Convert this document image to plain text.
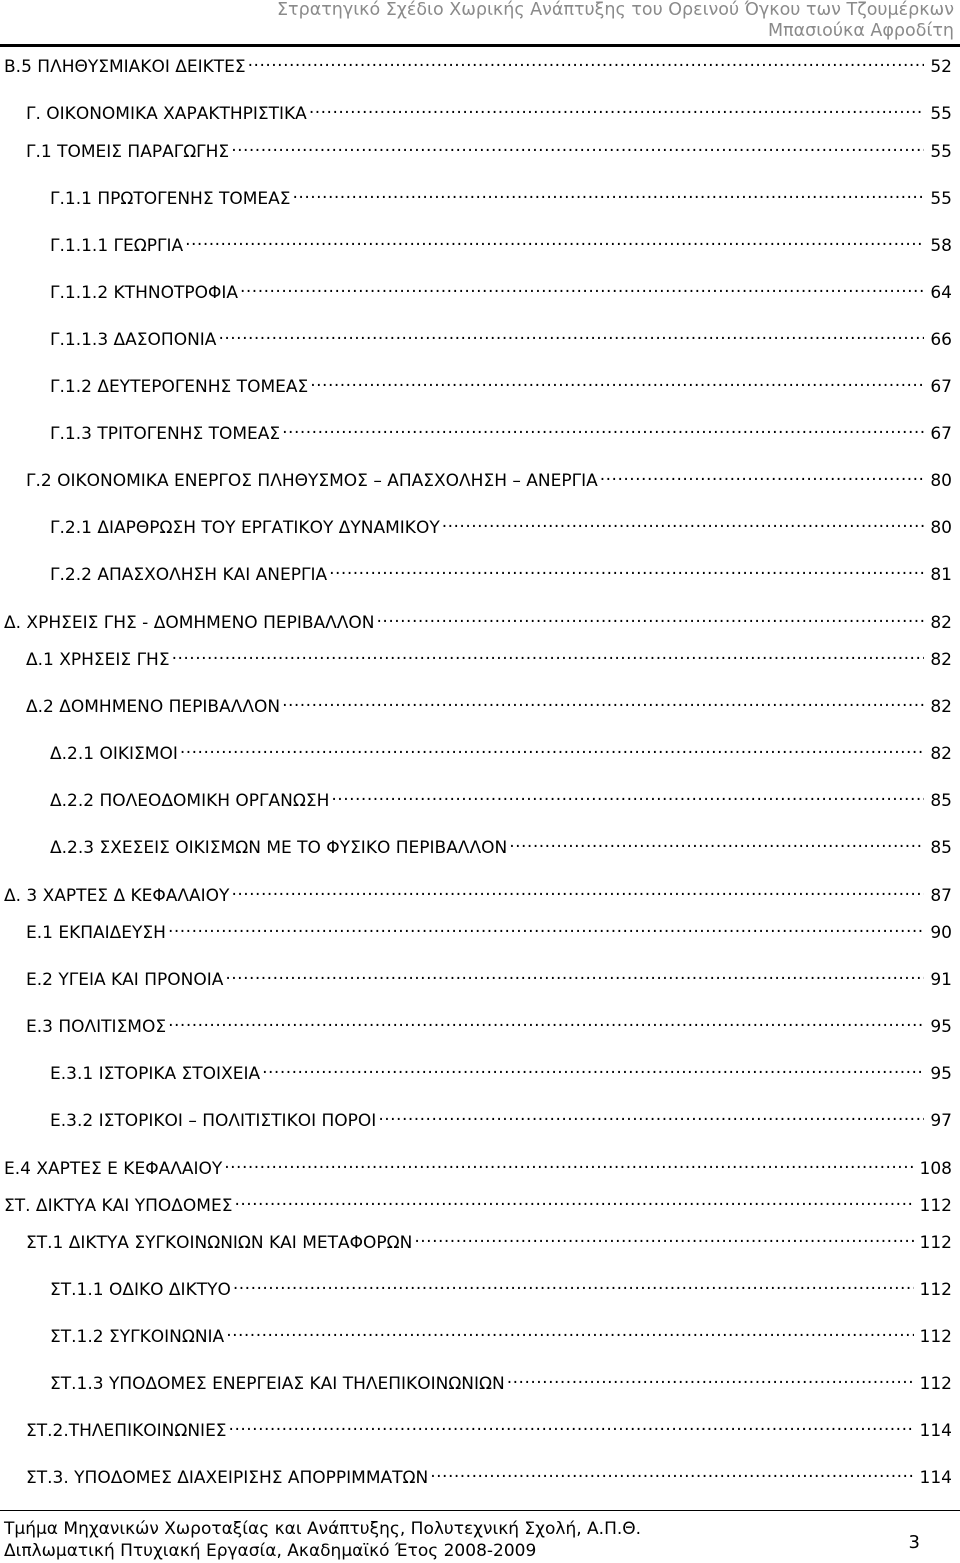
Στρατηγικό Σχέδιο Χωρικής Ανάπτυξης του Ορεινού Όγκου των Τζουμέρκων
Μπασιούκα Αφροδίτη
Β.5 ΠΛΗΘΥΣΜΙΑΚΟΙ ΔΕΙΚΤΕΣ .....	52
Γ. ΟΙΚΟΝΟΜΙΚΑ ΧΑΡΑΚΤΗΡΙΣΤΙΚΑ .....	55
Γ.1 ΤΟΜΕΙΣ ΠΑΡΑΓΩΓΗΣ .....	55
Γ.1.1 ΠΡΩΤΟΓΕΝΗΣ ΤΟΜΕΑΣ .....	55
Γ.1.1.1 ΓΕΩΡΓΙΑ .....	58
Γ.1.1.2 ΚΤΗΝΟΤΡΟΦΙΑ .....	64
Γ.1.1.3 ΔΑΣΟΠΟΝΙΑ .....	66
Γ.1.2 ΔΕΥΤΕΡΟΓΕΝΗΣ ΤΟΜΕΑΣ .....	67
Γ.1.3 ΤΡΙΤΟΓΕΝΗΣ ΤΟΜΕΑΣ .....	67
Γ.2 ΟΙΚΟΝΟΜΙΚΑ ΕΝΕΡΓΟΣ ΠΛΗΘΥΣΜΟΣ – ΑΠΑΣΧΟΛΗΣΗ – ΑΝΕΡΓΙΑ .....	80
Γ.2.1 ΔΙΑΡΘΡΩΣΗ ΤΟΥ ΕΡΓΑΤΙΚΟΥ ΔΥΝΑΜΙΚΟΥ .....	80
Γ.2.2 ΑΠΑΣΧΟΛΗΣΗ ΚΑΙ ΑΝΕΡΓΙΑ .....	81
Δ. ΧΡΗΣΕΙΣ ΓΗΣ - ΔΟΜΗΜΕΝΟ ΠΕΡΙΒΑΛΛΟΝ .....	82
Δ.1 ΧΡΗΣΕΙΣ ΓΗΣ .....	82
Δ.2 ΔΟΜΗΜΕΝΟ ΠΕΡΙΒΑΛΛΟΝ .....	82
Δ.2.1 ΟΙΚΙΣΜΟΙ .....	82
Δ.2.2 ΠΟΛΕΟΔΟΜΙΚΗ ΟΡΓΑΝΩΣΗ .....	85
Δ.2.3 ΣΧΕΣΕΙΣ ΟΙΚΙΣΜΩΝ ΜΕ ΤΟ ΦΥΣΙΚΟ ΠΕΡΙΒΑΛΛΟΝ .....	85
Δ. 3 ΧΑΡΤΕΣ Δ ΚΕΦΑΛΑΙΟΥ .....	87
Ε.1 ΕΚΠΑΙΔΕΥΣΗ .....	90
Ε.2 ΥΓΕΙΑ ΚΑΙ ΠΡΟΝΟΙΑ .....	91
Ε.3 ΠΟΛΙΤΙΣΜΟΣ .....	95
Ε.3.1 ΙΣΤΟΡΙΚΑ ΣΤΟΙΧΕΙΑ .....	95
Ε.3.2 ΙΣΤΟΡΙΚΟΙ – ΠΟΛΙΤΙΣΤΙΚΟΙ ΠΟΡΟΙ .....	97
Ε.4 ΧΑΡΤΕΣ Ε ΚΕΦΑΛΑΙΟΥ .....	108
ΣΤ. ΔΙΚΤΥΑ ΚΑΙ ΥΠΟΔΟΜΕΣ .....	112
ΣΤ.1 ΔΙΚΤΥΑ ΣΥΓΚΟΙΝΩΝΙΩΝ ΚΑΙ ΜΕΤΑΦΟΡΩΝ .....	112
ΣΤ.1.1 ΟΔΙΚΟ ΔΙΚΤΥΟ .....	112
ΣΤ.1.2 ΣΥΓΚΟΙΝΩΝΙΑ .....	112
ΣΤ.1.3 ΥΠΟΔΟΜΕΣ ΕΝΕΡΓΕΙΑΣ ΚΑΙ ΤΗΛΕΠΙΚΟΙΝΩΝΙΩΝ .....	112
ΣΤ.2.ΤΗΛΕΠΙΚΟΙΝΩΝΙΕΣ .....	114
ΣΤ.3. ΥΠΟΔΟΜΕΣ ΔΙΑΧΕΙΡΙΣΗΣ ΑΠΟΡΡΙΜΜΑΤΩΝ .....	114
Τμήμα Μηχανικών Χωροταξίας και Ανάπτυξης, Πολυτεχνική Σχολή, Α.Π.Θ.
Διπλωματική Πτυχιακή Εργασία, Ακαδημαϊκό Έτος 2008-2009	3
